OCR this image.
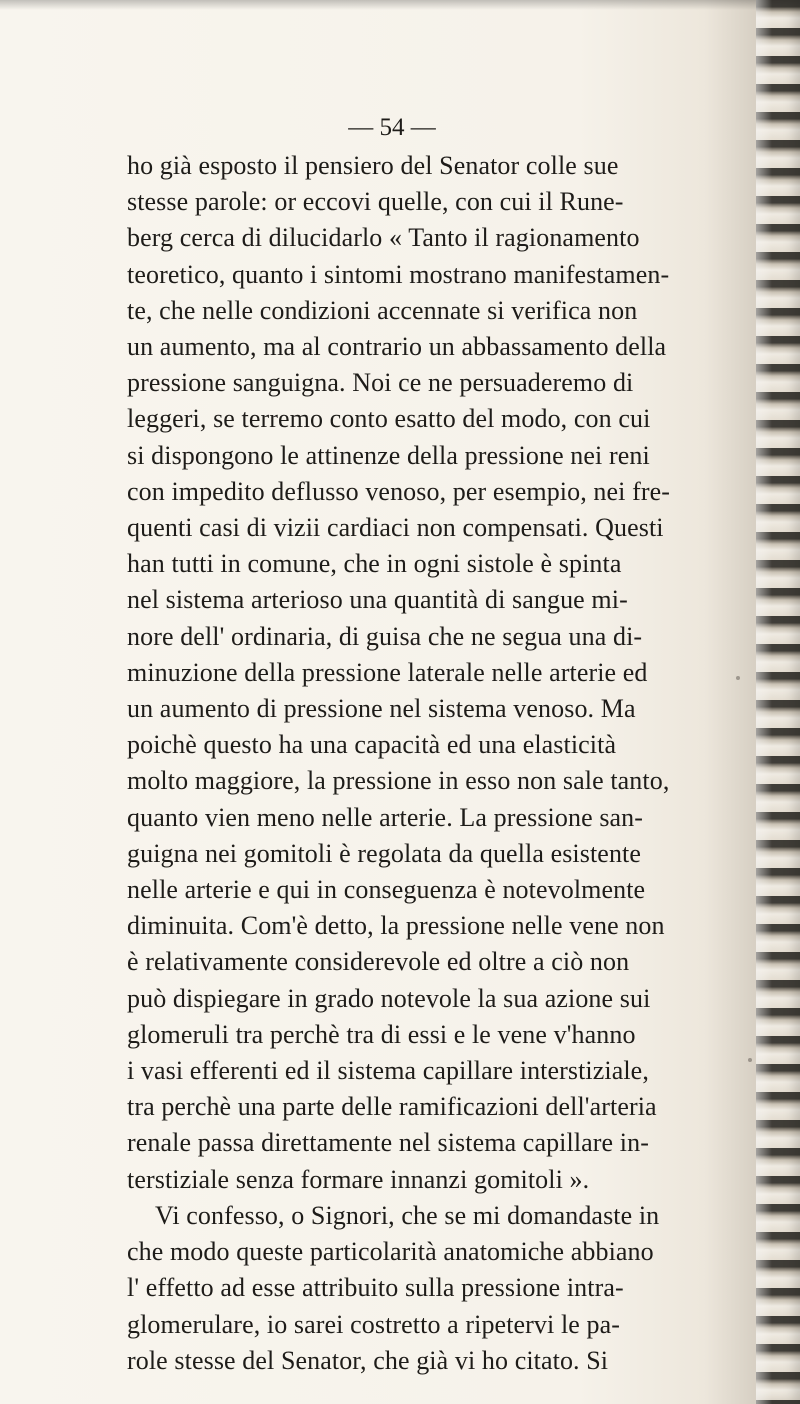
— 54 —
ho già esposto il pensiero del Senator colle sue
stesse parole: or eccovi quelle, con cui il Rune-
berg cerca di dilucidarlo « Tanto il ragionamento
teoretico, quanto i sintomi mostrano manifestamen-
te, che nelle condizioni accennate si verifica non
un aumento, ma al contrario un abbassamento della
pressione sanguigna. Noi ce ne persuaderemo di
leggeri, se terremo conto esatto del modo, con cui
si dispongono le attinenze della pressione nei reni
con impedito deflusso venoso, per esempio, nei fre-
quenti casi di vizii cardiaci non compensati. Questi
han tutti in comune, che in ogni sistole è spinta
nel sistema arterioso una quantità di sangue mi-
nore dell' ordinaria, di guisa che ne segua una di-
minuzione della pressione laterale nelle arterie ed
un aumento di pressione nel sistema venoso. Ma
poichè questo ha una capacità ed una elasticità
molto maggiore, la pressione in esso non sale tanto,
quanto vien meno nelle arterie. La pressione san-
guigna nei gomitoli è regolata da quella esistente
nelle arterie e qui in conseguenza è notevolmente
diminuita. Com'è detto, la pressione nelle vene non
è relativamente considerevole ed oltre a ciò non
può dispiegare in grado notevole la sua azione sui
glomeruli tra perchè tra di essi e le vene v'hanno
i vasi efferenti ed il sistema capillare interstiziale,
tra perchè una parte delle ramificazioni dell'arteria
renale passa direttamente nel sistema capillare in-
terstiziale senza formare innanzi gomitoli ».
Vi confesso, o Signori, che se mi domandaste in
che modo queste particolarità anatomiche abbiano
l' effetto ad esse attribuito sulla pressione intra-
glomerulare, io sarei costretto a ripetervi le pa-
role stesse del Senator, che già vi ho citato. Si
